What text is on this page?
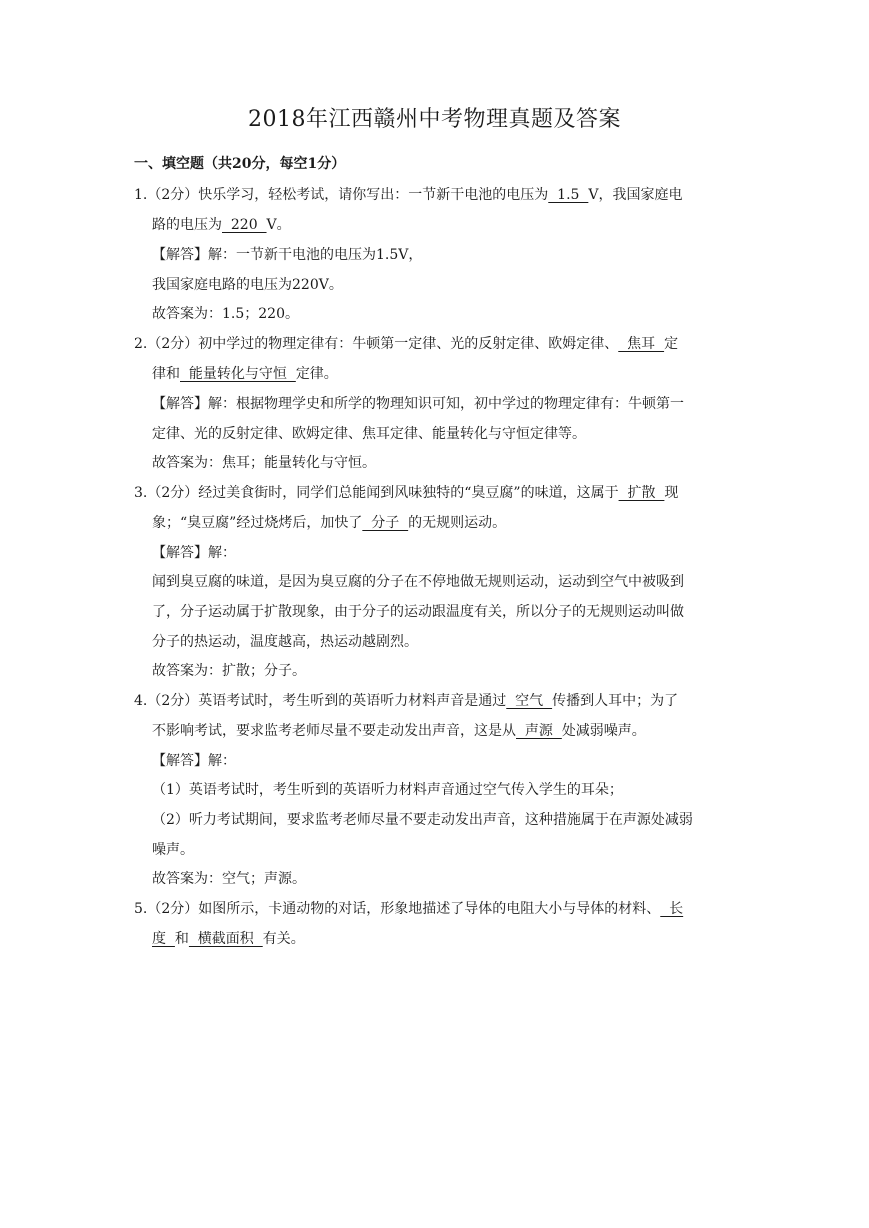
2018年江西赣州中考物理真题及答案
一、填空题（共20分，每空1分）
1.（2分）快乐学习，轻松考试，请你写出：一节新干电池的电压为  1.5  V，我国家庭电
路的电压为  220  V。
【解答】解：一节新干电池的电压为1.5V，
我国家庭电路的电压为220V。
故答案为：1.5；220。
2.（2分）初中学过的物理定律有：牛顿第一定律、光的反射定律、欧姆定律、  焦耳  定
律和  能量转化与守恒  定律。
【解答】解：根据物理学史和所学的物理知识可知，初中学过的物理定律有：牛顿第一
定律、光的反射定律、欧姆定律、焦耳定律、能量转化与守恒定律等。
故答案为：焦耳；能量转化与守恒。
3.（2分）经过美食街时，同学们总能闻到风味独特的“臭豆腐”的味道，这属于  扩散  现
象；“臭豆腐”经过烧烤后，加快了  分子  的无规则运动。
【解答】解：
闻到臭豆腐的味道，是因为臭豆腐的分子在不停地做无规则运动，运动到空气中被吸到
了，分子运动属于扩散现象，由于分子的运动跟温度有关，所以分子的无规则运动叫做
分子的热运动，温度越高，热运动越剧烈。
故答案为：扩散；分子。
4.（2分）英语考试时，考生听到的英语听力材料声音是通过  空气  传播到人耳中；为了
不影响考试，要求监考老师尽量不要走动发出声音，这是从  声源  处减弱噪声。
【解答】解：
（1）英语考试时，考生听到的英语听力材料声音通过空气传入学生的耳朵；
（2）听力考试期间，要求监考老师尽量不要走动发出声音，这种措施属于在声源处减弱
噪声。
故答案为：空气；声源。
5.（2分）如图所示，卡通动物的对话，形象地描述了导体的电阻大小与导体的材料、  长
度  和  横截面积  有关。
